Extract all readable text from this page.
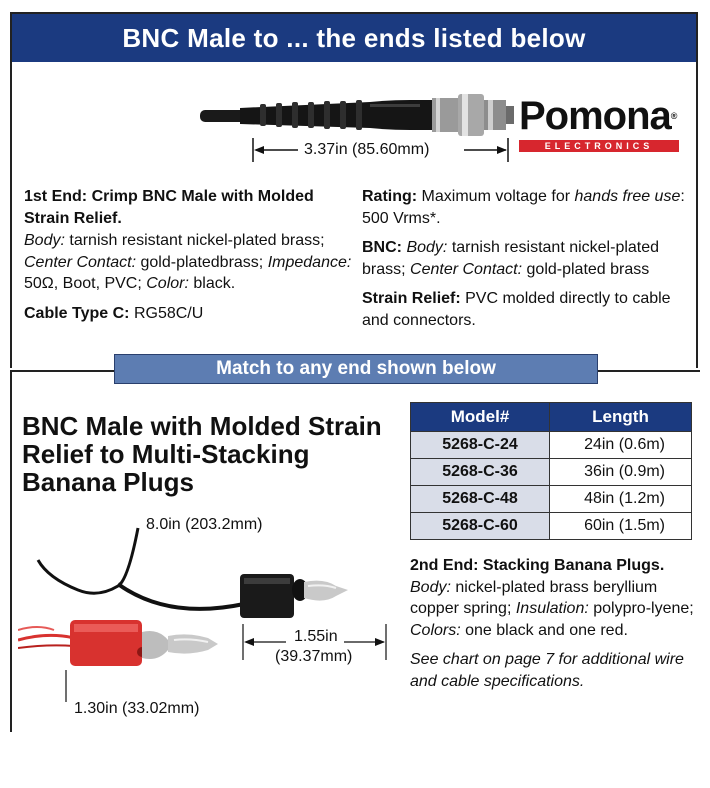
BNC Male to ... the ends listed below
3.37in (85.60mm)
Pomona®
ELECTRONICS

1st End: Crimp BNC Male with Molded Strain Relief.

Body: tarnish resistant nickel-plated brass; Center Contact: gold-platedbrass; Impedance: 50Ω, Boot, PVC; Color: black.

Cable Type C: RG58C/U

Rating: Maximum voltage for hands free use: 500 Vrms*.

BNC: Body: tarnish resistant nickel-plated brass; Center Contact: gold-plated brass

Strain Relief: PVC molded directly to cable and connectors.

Match to any end shown below
BNC Male with Molded Strain Relief to Multi-Stacking Banana Plugs
Model#	Length
5268-C-24	24in (0.6m)
5268-C-36	36in (0.9m)
5268-C-48	48in (1.2m)
5268-C-60	60in (1.5m)

2nd End: Stacking Banana Plugs.

Body: nickel-plated brass beryllium copper spring; Insulation: polypro-lyene; Colors: one black and one red.

See chart on page 7 for additional wire and cable specifications.

8.0in (203.2mm)
1.55in
(39.37mm)
1.30in (33.02mm)
